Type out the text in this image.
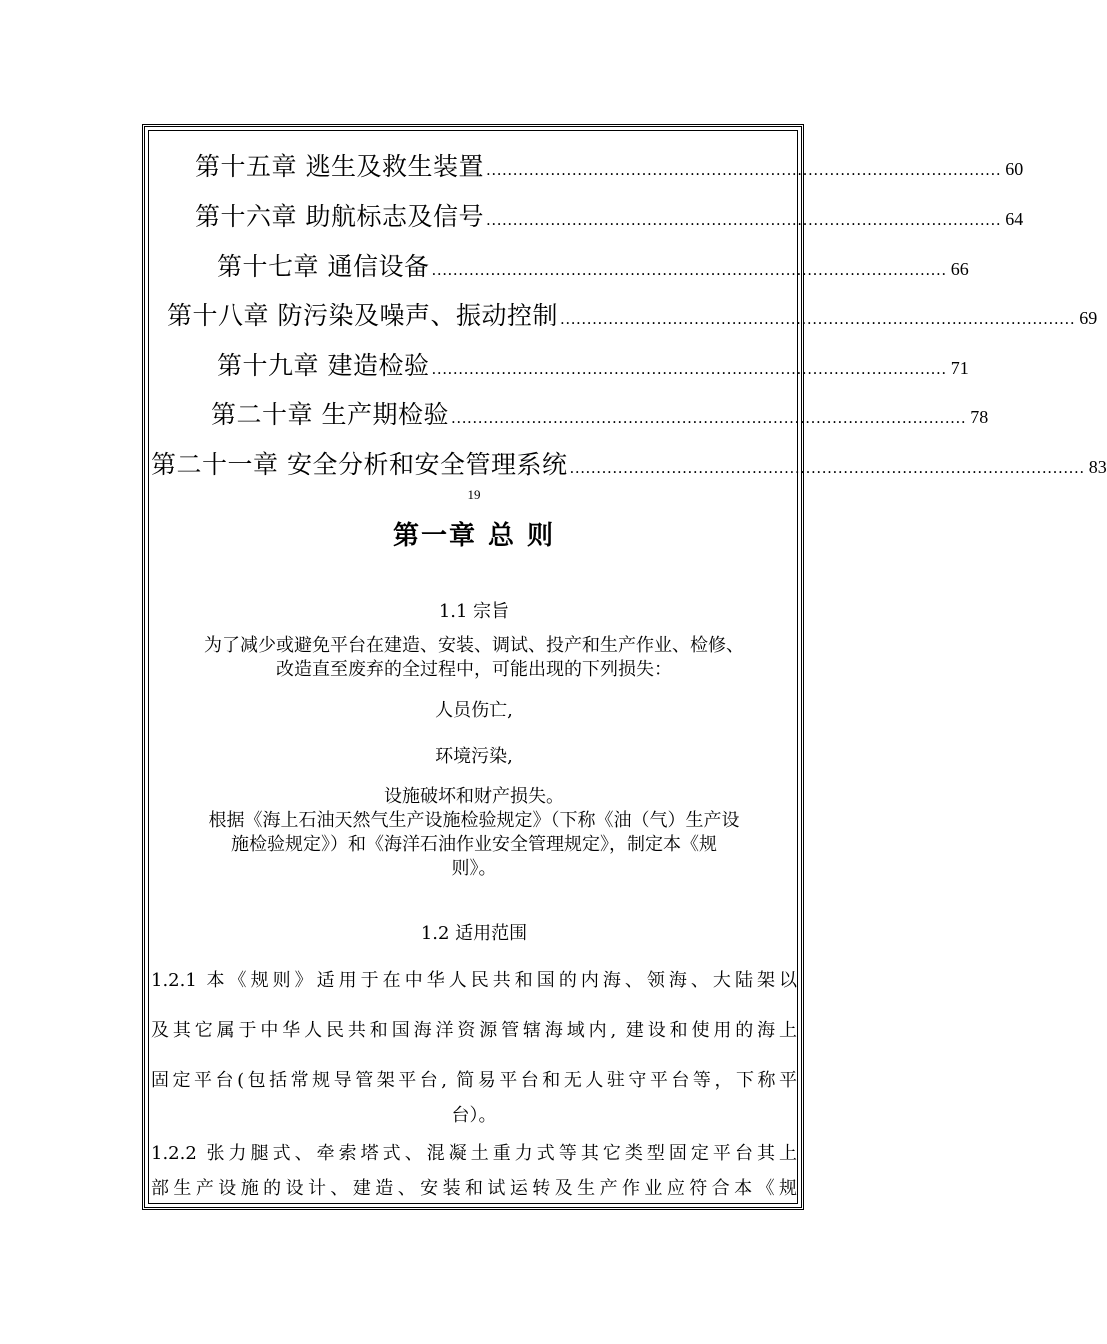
第十五章 逃生及救生装置 ................................................................................................ 60
第十六章 助航标志及信号 ................................................................................................ 64
第十七章 通信设备 ................................................................................................ 66
第十八章 防污染及噪声、振动控制 ................................................................................................ 69
第十九章 建造检验 ................................................................................................ 71
第二十章 生产期检验 ................................................................................................ 78
第二十一章 安全分析和安全管理系统 ................................................................................................ 83
19
第一章 总 则
1.1 宗旨
为了减少或避免平台在建造、安装、调试、投产和生产作业、检修、
改造直至废弃的全过程中，可能出现的下列损失：
人员伤亡,
环境污染,
设施破坏和财产损失。
根据《海上石油天然气生产设施检验规定》（下称《油（气）生产设
施检验规定》）和《海洋石油作业安全管理规定》，制定本《规
则》。
1.2 适用范围
1.2.1 本《规则》适用于在中华人民共和国的内海、领海、大陆架以
及其它属于中华人民共和国海洋资源管辖海域内, 建设和使用的海上
固定平台(包括常规导管架平台, 简易平台和无人驻守平台等，下称平
台）。
1.2.2 张力腿式、牵索塔式、混凝土重力式等其它类型固定平台其上
部生产设施的设计、建造、安装和试运转及生产作业应符合本《规
